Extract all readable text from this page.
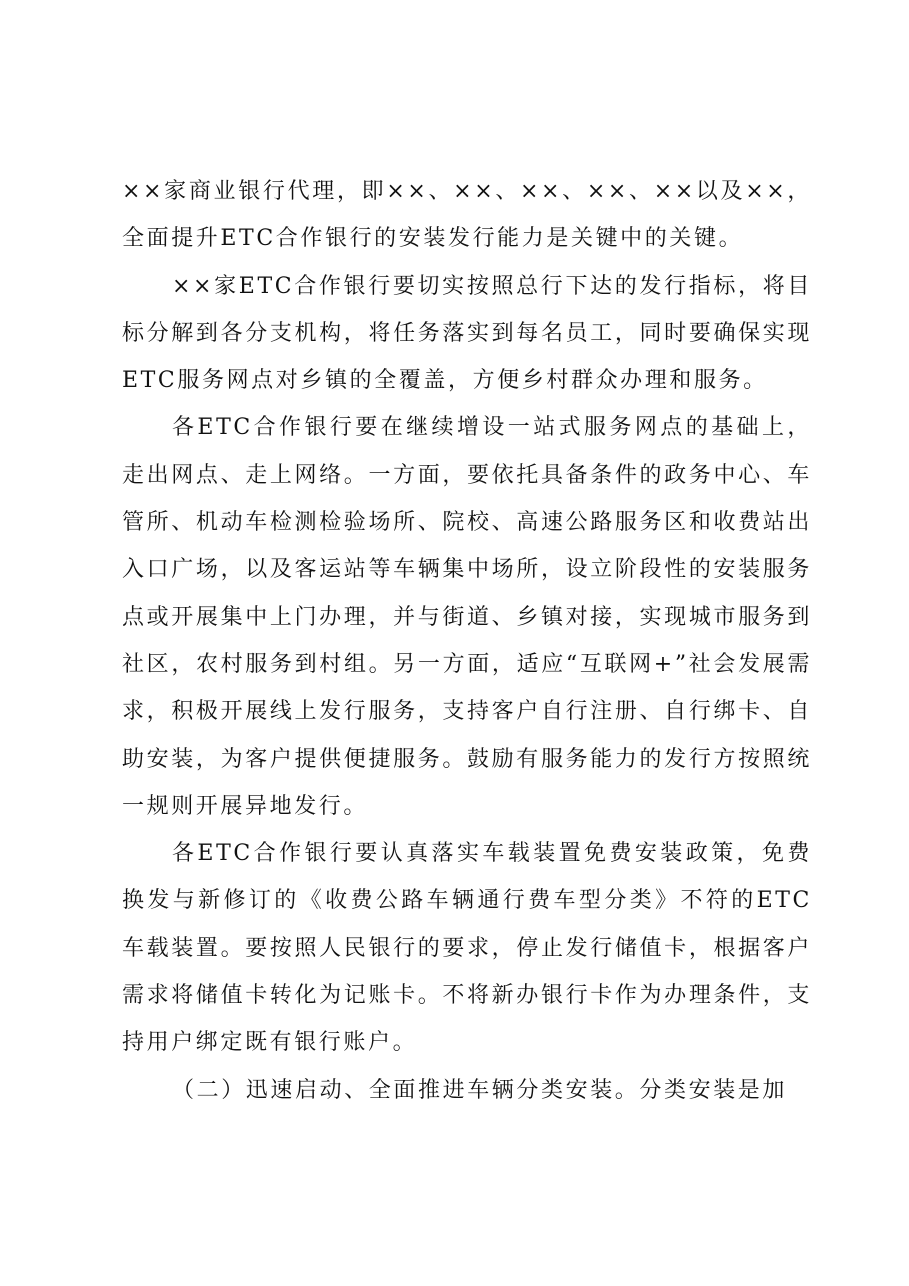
××家商业银行代理，即××、××、××、××、××以及××，全面提升ETC合作银行的安装发行能力是关键中的关键。

××家ETC合作银行要切实按照总行下达的发行指标，将目标分解到各分支机构，将任务落实到每名员工，同时要确保实现ETC服务网点对乡镇的全覆盖，方便乡村群众办理和服务。

各ETC合作银行要在继续增设一站式服务网点的基础上，走出网点、走上网络。一方面，要依托具备条件的政务中心、车管所、机动车检测检验场所、院校、高速公路服务区和收费站出入口广场，以及客运站等车辆集中场所，设立阶段性的安装服务点或开展集中上门办理，并与街道、乡镇对接，实现城市服务到社区，农村服务到村组。另一方面，适应“互联网+”社会发展需求，积极开展线上发行服务，支持客户自行注册、自行绑卡、自助安装，为客户提供便捷服务。鼓励有服务能力的发行方按照统一规则开展异地发行。

各ETC合作银行要认真落实车载装置免费安装政策，免费换发与新修订的《收费公路车辆通行费车型分类》不符的ETC车载装置。要按照人民银行的要求，停止发行储值卡，根据客户需求将储值卡转化为记账卡。不将新办银行卡作为办理条件，支持用户绑定既有银行账户。

（二）迅速启动、全面推进车辆分类安装。分类安装是加
